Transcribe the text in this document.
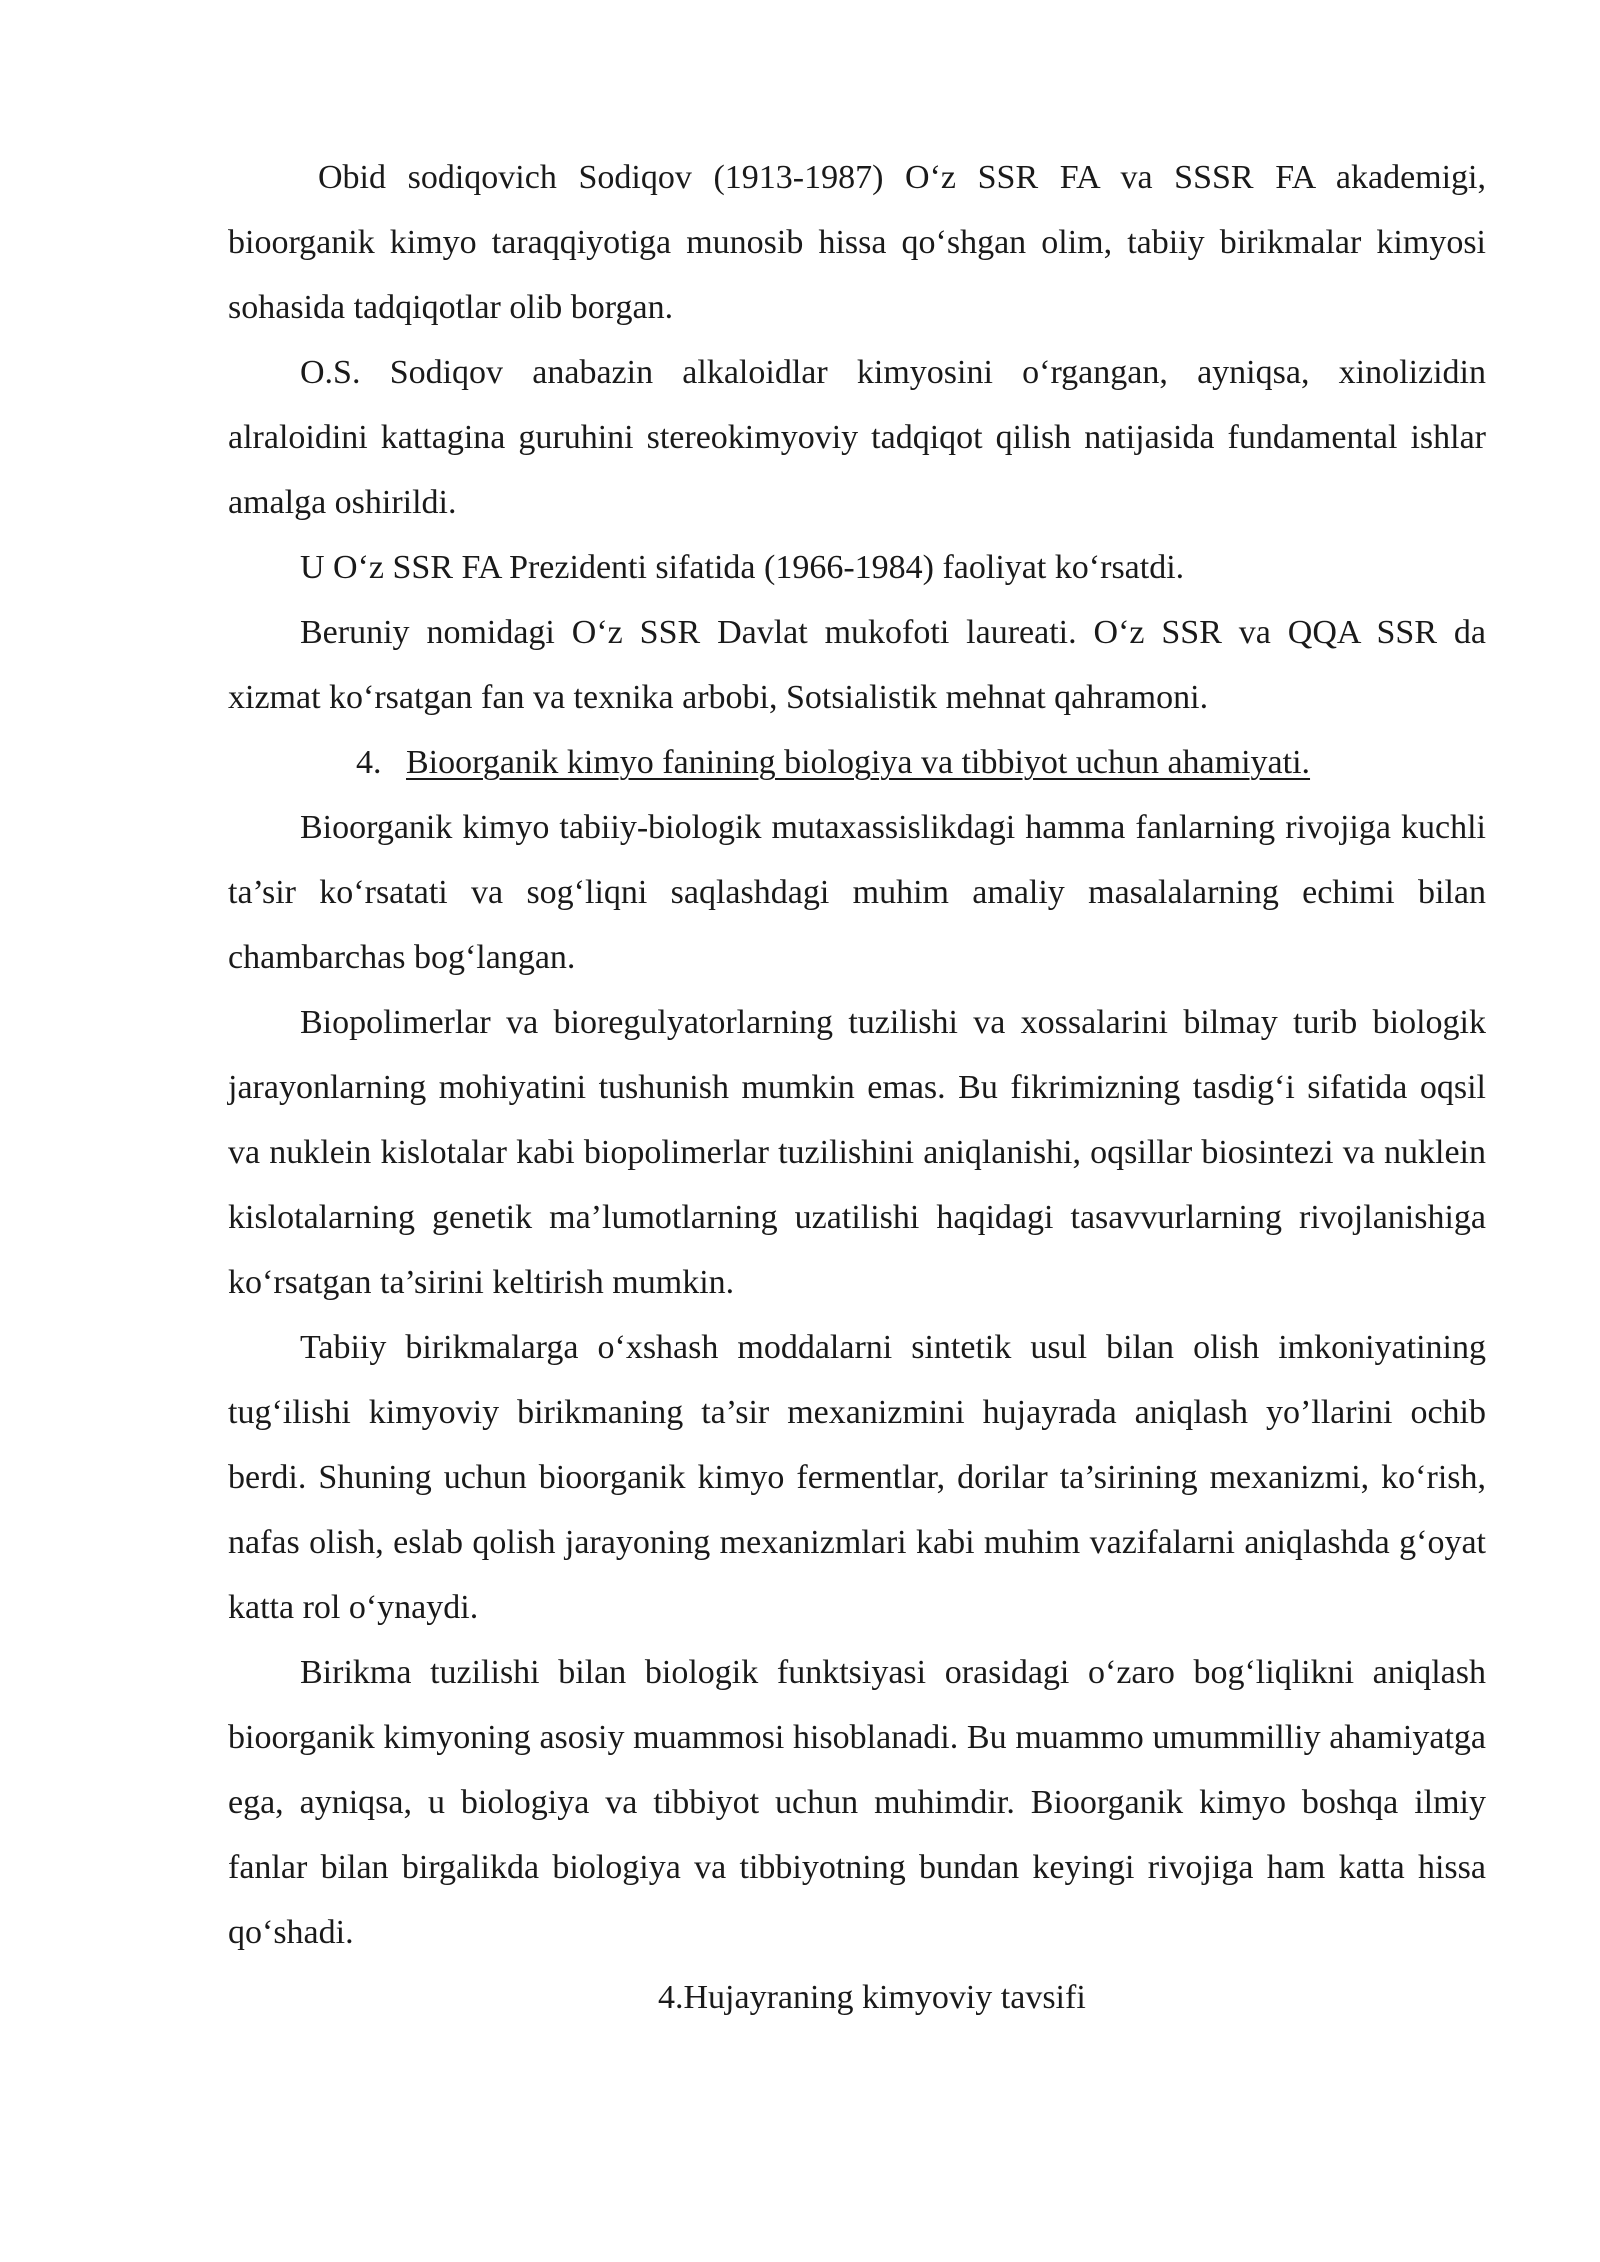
Obid sodiqovich Sodiqov (1913-1987) O‘z SSR FA va SSSR FA akademigi, bioorganik kimyo taraqqiyotiga munosib hissa qo‘shgan olim, tabiiy birikmalar kimyosi sohasida tadqiqotlar olib borgan.

O.S. Sodiqov anabazin alkaloidlar kimyosini o‘rgangan, ayniqsa, xinolizidin alraloidini kattagina guruhini stereokimyoviy tadqiqot qilish natijasida fundamental ishlar amalga oshirildi.

U O‘z SSR FA Prezidenti sifatida (1966-1984) faoliyat ko‘rsatdi.

Beruniy nomidagi O‘z SSR Davlat mukofoti laureati. O‘z SSR va QQA SSR da xizmat ko‘rsatgan fan va texnika arbobi, Sotsialistik mehnat qahramoni.

4. Bioorganik kimyo fanining biologiya va tibbiyot uchun ahamiyati.

Bioorganik kimyo tabiiy-biologik mutaxassislikdagi hamma fanlarning rivojiga kuchli ta’sir ko‘rsatati va sog‘liqni saqlashdagi muhim amaliy masalalarning echimi bilan chambarchas bog‘langan.

Biopolimerlar va bioregulyatorlarning tuzilishi va xossalarini bilmay turib biologik jarayonlarning mohiyatini tushunish mumkin emas. Bu fikrimizning tasdig‘i sifatida oqsil va nuklein kislotalar kabi biopolimerlar tuzilishini aniqlanishi, oqsillar biosintezi va nuklein kislotalarning genetik ma’lumotlarning uzatilishi haqidagi tasavvurlarning rivojlanishiga ko‘rsatgan ta’sirini keltirish mumkin.

Tabiiy birikmalarga o‘xshash moddalarni sintetik usul bilan olish imkoniyatining tug‘ilishi kimyoviy birikmaning ta’sir mexanizmini hujayrada aniqlash yo’llarini ochib berdi. Shuning uchun bioorganik kimyo fermentlar, dorilar ta’sirining mexanizmi, ko‘rish, nafas olish, eslab qolish jarayoning mexanizmlari kabi muhim vazifalarni aniqlashda g‘oyat katta rol o‘ynaydi.

Birikma tuzilishi bilan biologik funktsiyasi orasidagi o‘zaro bog‘liqlikni aniqlash bioorganik kimyoning asosiy muammosi hisoblanadi. Bu muammo umummilliy ahamiyatga ega, ayniqsa, u biologiya va tibbiyot uchun muhimdir. Bioorganik kimyo boshqa ilmiy fanlar bilan birgalikda biologiya va tibbiyotning bundan keyingi rivojiga ham katta hissa qo‘shadi.

4.Hujayraning kimyoviy tavsifi
